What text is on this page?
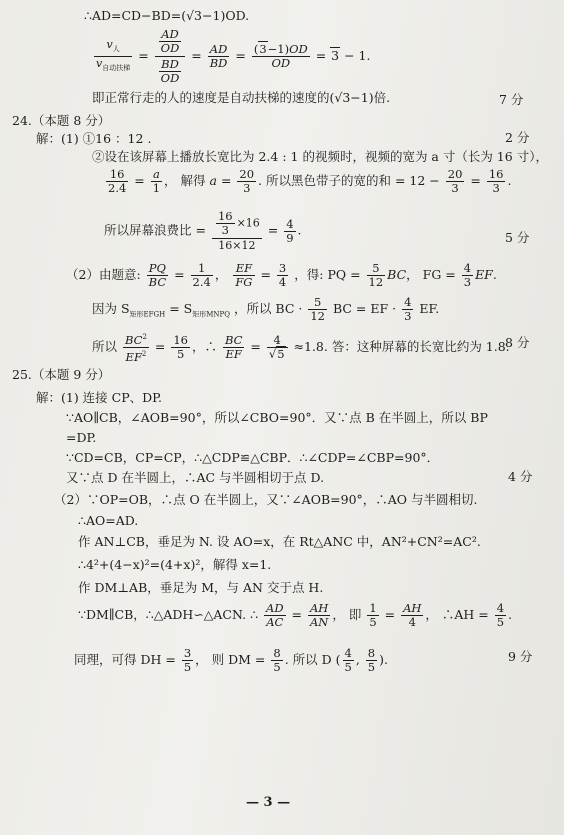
∴AD=CD−BD=(√3−1)OD.
$v_人$
$v_{自动扶梯}$
=
$\frac{AD}{OD}$
$\frac{BD}{OD}$
= $\frac{AD}{BD} = \frac{(3-1)OD}{OD} = 3 - 1$.
即正常行走的人的速度是自动扶梯的速度的(√3−1)倍.	7 分
24.（本题 8 分）
解：(1) ①16 ：12 .	2 分
②设在该屏幕上播放长宽比为 2.4 : 1 的视频时，视频的宽为 a 寸（长为 16 寸），
$\frac{16}{2.4} = \frac{a}{1}$ ， 解得 $a = \frac{20}{3}$ . 所以黑色带子的宽的和 = $12 - \frac{20}{3} = \frac{16}{3}$ .
所以屏幕浪费比 = $\frac{\frac{16}{3} \times 16}{16\times 12} = \frac{4}{9}$ .	5 分
（2）由题意: $\frac{PQ}{BC} = \frac{1}{2.4}$ ， $\frac{EF}{FG} = \frac{3}{4}$ ，得: PQ = $\frac{5}{12}$ BC， FG = $\frac{4}{3}$ EF.
因为 $S_{矩形EFGH} = S_{矩形MNPQ}$ ，所以 BC · $\frac{5}{12}$ BC = EF · $\frac{4}{3}$ EF.
所以 $\frac{BC^2}{EF^2} = \frac{16}{5}$ ，∴ $\frac{BC}{EF} = \frac{4}{√5} \approx 1.8$. 答：这种屏幕的长宽比约为 1.8.
8 分
25.（本题 9 分）
解：(1) 连接 CP、DP.
∵AO∥CB，∠AOB=90°，所以∠CBO=90°．又∵点 B 在半圆上，所以 BP
=DP.
∵CD=CB，CP=CP，∴△CDP≌△CBP．∴∠CDP=∠CBP=90°．
又∵点 D 在半圆上，∴AC 与半圆相切于点 D.	4 分
（2）∵OP=OB，∴点 O 在半圆上，又∵∠AOB=90°，∴AO 与半圆相切.
∴AO=AD.
作 AN⊥CB，垂足为 N. 设 AO=x，在 Rt△ANC 中，AN²+CN²=AC².
∴4²+(4−x)²=(4+x)²，解得 x=1.
作 DM⊥AB，垂足为 M，与 AN 交于点 H.
∵DM∥CB，∴△ADH∽△ACN. ∴ $\frac{AD}{AC} = \frac{AH}{AN}$ ， 即 $\frac{1}{5} = \frac{AH}{4}$ ， ∴AH = $\frac{4}{5}$ .
同理，可得 DH = $\frac{3}{5}$ ， 则 DM = $\frac{8}{5}$ . 所以 D ( $\frac{4}{5}$ , $\frac{8}{5}$ ).	9 分
— 3 —
